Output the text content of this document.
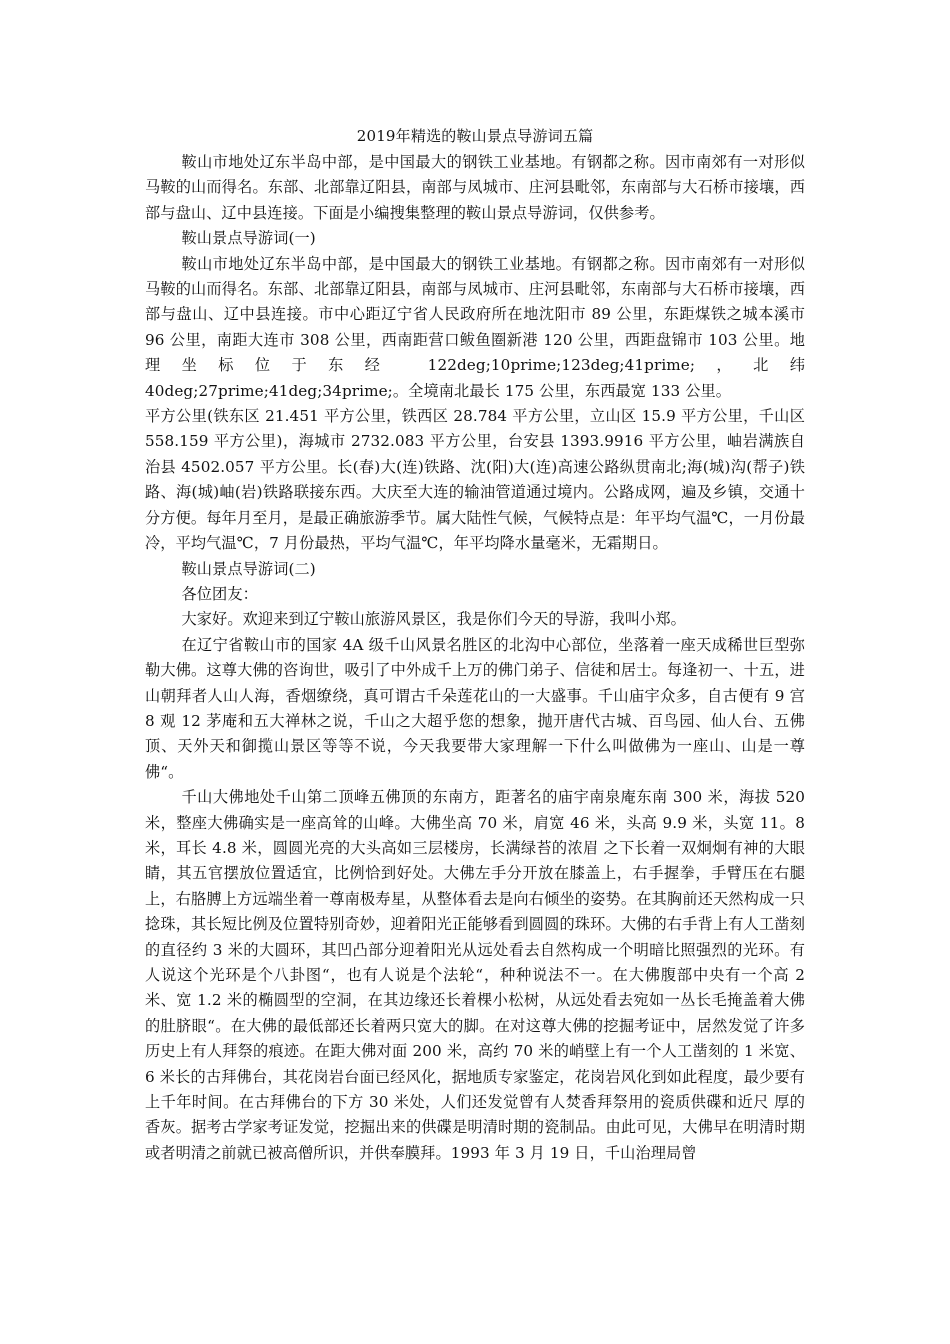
2019年精选的鞍山景点导游词五篇

鞍山市地处辽东半岛中部，是中国最大的钢铁工业基地。有钢都之称。因市南郊有一对形似马鞍的山而得名。东部、北部靠辽阳县，南部与凤城市、庄河县毗邻，东南部与大石桥市接壤，西部与盘山、辽中县连接。下面是小编搜集整理的鞍山景点导游词，仅供参考。

鞍山景点导游词(一)

鞍山市地处辽东半岛中部，是中国最大的钢铁工业基地。有钢都之称。因市南郊有一对形似马鞍的山而得名。东部、北部靠辽阳县，南部与凤城市、庄河县毗邻，东南部与大石桥市接壤，西部与盘山、辽中县连接。市中心距辽宁省人民政府所在地沈阳市 89 公里，东距煤铁之城本溪市 96 公里，南距大连市 308 公里，西南距营口鲅鱼圈新港 120 公里，西距盘锦市 103 公里。地理坐标位于东经 122deg;10prime;123deg;41prime;，北纬 40deg;27prime;41deg;34prime;。全境南北最长 175 公里，东西最宽 133 公里。

平方公里(铁东区 21.451 平方公里，铁西区 28.784 平方公里，立山区 15.9 平方公里，千山区 558.159 平方公里)，海城市 2732.083 平方公里，台安县 1393.9916 平方公里，岫岩满族自治县 4502.057 平方公里。长(春)大(连)铁路、沈(阳)大(连)高速公路纵贯南北;海(城)沟(帮子)铁路、海(城)岫(岩)铁路联接东西。大庆至大连的输油管道通过境内。公路成网，遍及乡镇，交通十分方便。每年月至月，是最正确旅游季节。属大陆性气候，气候特点是：年平均气温℃，一月份最冷，平均气温℃，7 月份最热，平均气温℃，年平均降水量毫米，无霜期日。

鞍山景点导游词(二)

各位团友：

大家好。欢迎来到辽宁鞍山旅游风景区，我是你们今天的导游，我叫小郑。

在辽宁省鞍山市的国家 4A 级千山风景名胜区的北沟中心部位，坐落着一座天成稀世巨型弥勒大佛。这尊大佛的咨询世，吸引了中外成千上万的佛门弟子、信徒和居士。每逢初一、十五，进山朝拜者人山人海，香烟缭绕，真可谓古千朵莲花山的一大盛事。千山庙宇众多，自古便有 9 宫 8 观 12 茅庵和五大禅林之说，千山之大超乎您的想象，抛开唐代古城、百鸟园、仙人台、五佛顶、天外天和御揽山景区等等不说，今天我要带大家理解一下什么叫做佛为一座山、山是一尊佛“。

千山大佛地处千山第二顶峰五佛顶的东南方，距著名的庙宇南泉庵东南 300 米，海拔 520 米，整座大佛确实是一座高耸的山峰。大佛坐高 70 米，肩宽 46 米，头高 9.9 米，头宽 11。8 米，耳长 4.8 米，圆圆光亮的大头高如三层楼房，长满绿苔的浓眉 之下长着一双炯炯有神的大眼睛，其五官摆放位置适宜，比例恰到好处。大佛左手分开放在膝盖上，右手握拳，手臂压在右腿上，右胳膊上方远端坐着一尊南极寿星，从整体看去是向右倾坐的姿势。在其胸前还天然构成一只捻珠，其长短比例及位置特别奇妙，迎着阳光正能够看到圆圆的珠环。大佛的右手背上有人工凿刻的直径约 3 米的大圆环，其凹凸部分迎着阳光从远处看去自然构成一个明暗比照强烈的光环。有人说这个光环是个八卦图“，也有人说是个法轮“，种种说法不一。在大佛腹部中央有一个高 2 米、宽 1.2 米的椭圆型的空洞，在其边缘还长着棵小松树，从远处看去宛如一丛长毛掩盖着大佛的肚脐眼“。在大佛的最低部还长着两只宽大的脚。在对这尊大佛的挖掘考证中，居然发觉了许多历史上有人拜祭的痕迹。在距大佛对面 200 米，高约 70 米的峭壁上有一个人工凿刻的 1 米宽、6 米长的古拜佛台，其花岗岩台面已经风化，据地质专家鉴定，花岗岩风化到如此程度，最少要有上千年时间。在古拜佛台的下方 30 米处，人们还发觉曾有人焚香拜祭用的瓷质供碟和近尺 厚的香灰。据考古学家考证发觉，挖掘出来的供碟是明清时期的瓷制品。由此可见，大佛早在明清时期或者明清之前就已被高僧所识，并供奉膜拜。1993 年 3 月 19 日，千山治理局曾
